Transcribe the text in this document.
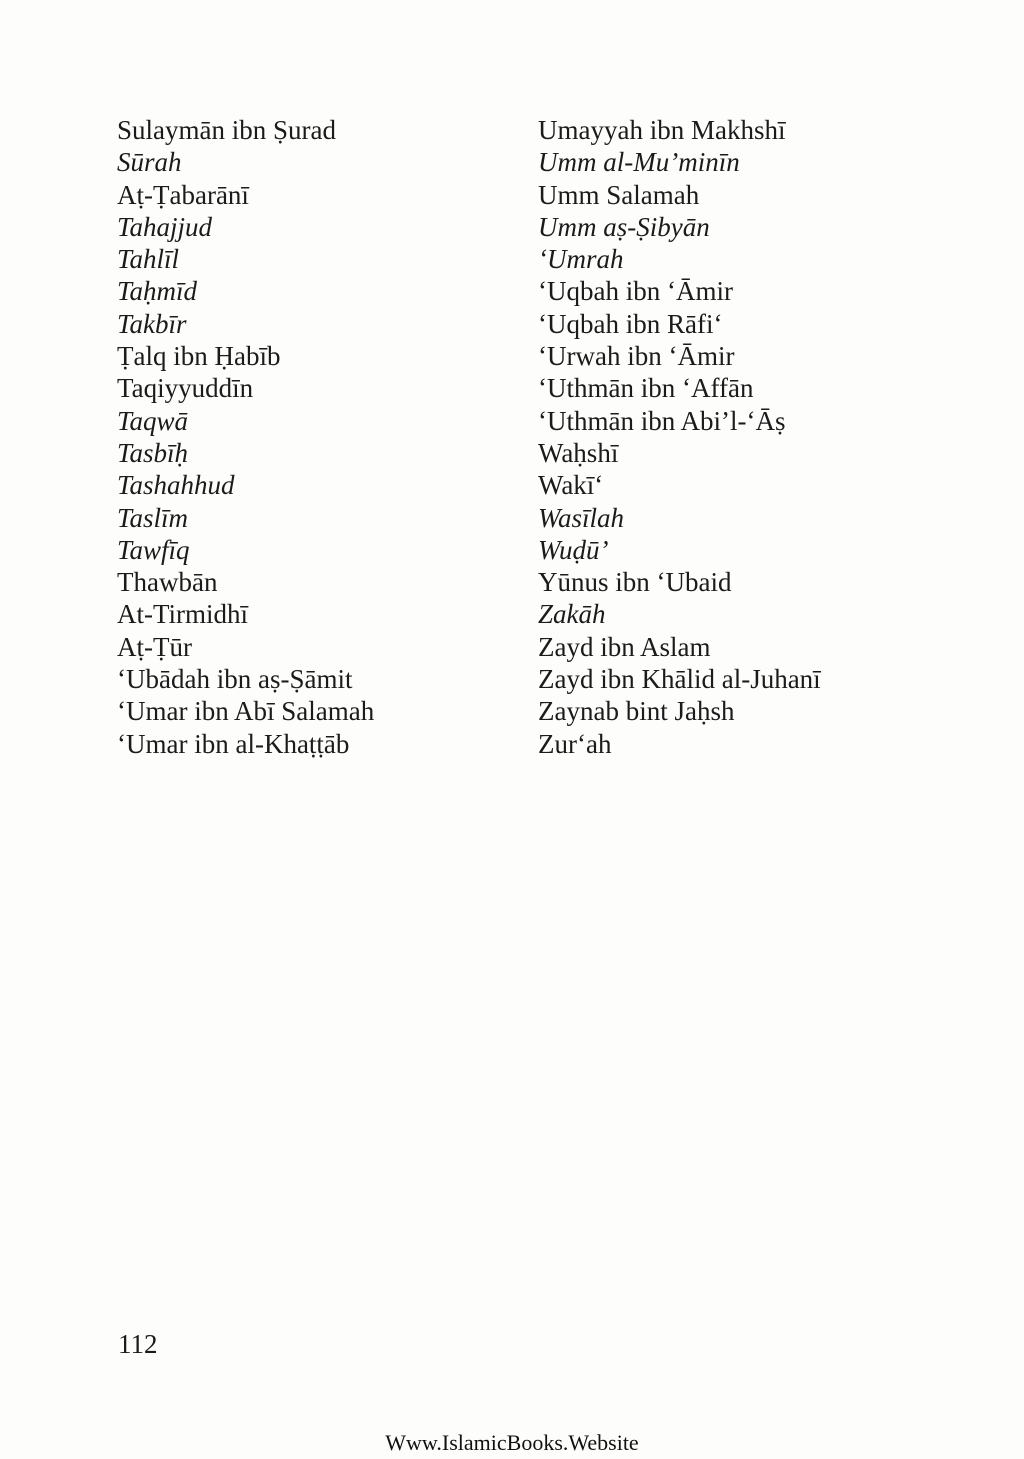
Sulaymān ibn Ṣurad
Sūrah
Aṭ-Ṭabarānī
Tahajjud
Tahlīl
Taḥmīd
Takbīr
Ṭalq ibn Ḥabīb
Taqiyyuddīn
Taqwā
Tasbīḥ
Tashahhud
Taslīm
Tawfīq
Thawbān
At-Tirmidhī
Aṭ-Ṭūr
‘Ubādah ibn aṣ-Ṣāmit
‘Umar ibn Abī Salamah
‘Umar ibn al-Khaṭṭāb
Umayyah ibn Makhshī
Umm al-Mu’minīn
Umm Salamah
Umm aṣ-Ṣibyān
‘Umrah
‘Uqbah ibn ‘Āmir
‘Uqbah ibn Rāfi‘
‘Urwah ibn ‘Āmir
‘Uthmān ibn ‘Affān
‘Uthmān ibn Abi’l-‘Āṣ
Waḥshī
Wakī‘
Wasīlah
Wuḍū’
Yūnus ibn ‘Ubaid
Zakāh
Zayd ibn Aslam
Zayd ibn Khālid al-Juhanī
Zaynab bint Jaḥsh
Zur‘ah
112
Www.IslamicBooks.Website
